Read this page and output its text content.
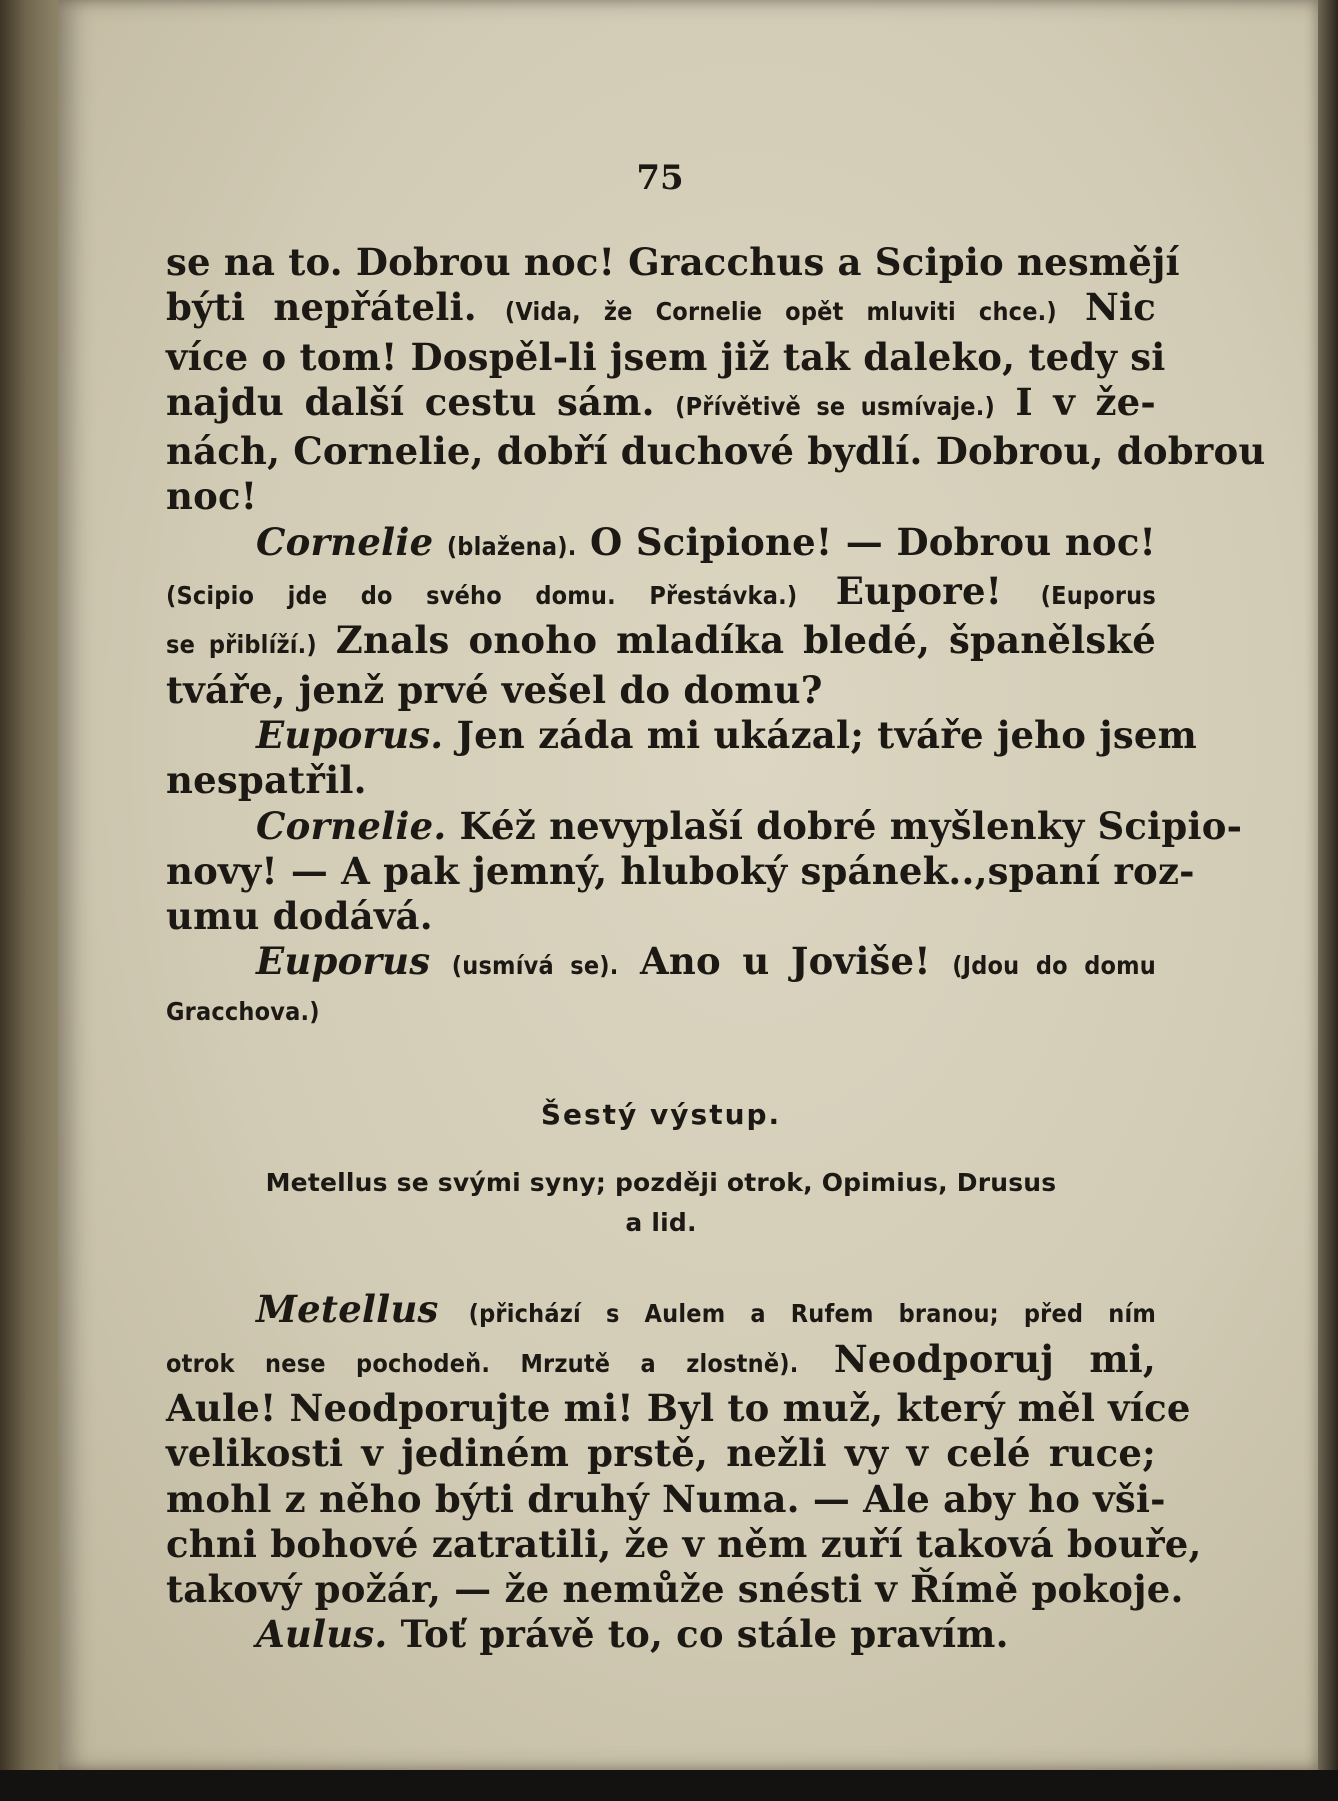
75
se na to. Dobrou noc! Gracchus a Scipio nesmějí
býti nepřáteli. (Vida, že Cornelie opět mluviti chce.) Nic
více o tom! Dospěl-li jsem již tak daleko, tedy si
najdu další cestu sám. (Přívětivě se usmívaje.) I v že-
nách, Cornelie, dobří duchové bydlí. Dobrou, dobrou
noc!
Cornelie (blažena). O Scipione! — Dobrou noc!
(Scipio jde do svého domu. Přestávka.) Eupore! (Euporus
se přiblíží.) Znals onoho mladíka bledé, španělské
tváře, jenž prvé vešel do domu?
Euporus. Jen záda mi ukázal; tváře jeho jsem
nespatřil.
Cornelie. Kéž nevyplaší dobré myšlenky Scipio-
novy! — A pak jemný, hluboký spánek..,spaní roz-
umu dodává.
Euporus (usmívá se). Ano u Joviše! (Jdou do domu
Gracchova.)
Šestý výstup.
Metellus se svými syny; později otrok, Opimius, Drusus
a lid.
Metellus (přichází s Aulem a Rufem branou; před ním
otrok nese pochodeň. Mrzutě a zlostně). Neodporuj mi,
Aule! Neodporujte mi! Byl to muž, který měl více
velikosti v jediném prstě, nežli vy v celé ruce;
mohl z něho býti druhý Numa. — Ale aby ho vši-
chni bohové zatratili, že v něm zuří taková bouře,
takový požár, — že nemůže snésti v Římě pokoje.
Aulus. Toť právě to, co stále pravím.
